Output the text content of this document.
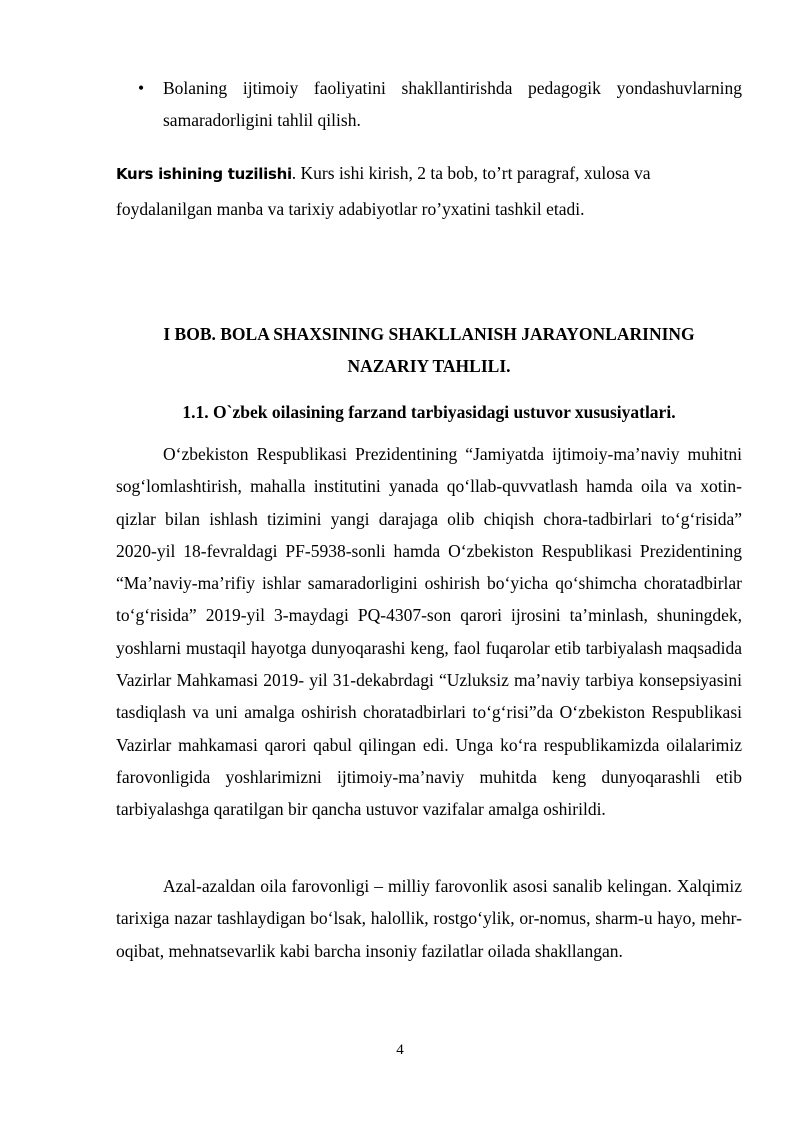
• Bolaning ijtimoiy faoliyatini shakllantirishda pedagogik yondashuvlarning samaradorligini tahlil qilish.
Kurs ishining tuzilishi. Kurs ishi kirish, 2 ta bob, to’rt paragraf, xulosa va foydalanilgan manba va tarixiy adabiyotlar ro’yxatini tashkil etadi.
I BOB. BOLA SHAXSINING SHAKLLANISH JARAYONLARINING
NAZARIY TAHLILI.
1.1. O`zbek oilasining farzand tarbiyasidagi ustuvor xususiyatlari.

O‘zbekiston Respublikasi Prezidentining “Jamiyatda ijtimoiy-ma’naviy muhitni sog‘lomlashtirish, mahalla institutini yanada qo‘llab-quvvatlash hamda oila va xotin-qizlar bilan ishlash tizimini yangi darajaga olib chiqish chora-tadbirlari to‘g‘risida” 2020-yil 18-fevraldagi PF-5938-sonli hamda O‘zbekiston Respublikasi Prezidentining “Ma’naviy-ma’rifiy ishlar samaradorligini oshirish bo‘yicha qo‘shimcha choratadbirlar to‘g‘risida” 2019-yil 3-maydagi PQ-4307-son qarori ijrosini ta’minlash, shuningdek, yoshlarni mustaqil hayotga dunyoqarashi keng, faol fuqarolar etib tarbiyalash maqsadida Vazirlar Mahkamasi 2019- yil 31-dekabrdagi “Uzluksiz ma’naviy tarbiya konsepsiyasini tasdiqlash va uni amalga oshirish choratadbirlari to‘g‘risi”da O‘zbekiston Respublikasi Vazirlar mahkamasi qarori qabul qilingan edi. Unga ko‘ra respublikamizda oilalarimiz farovonligida yoshlarimizni ijtimoiy-ma’naviy muhitda keng dunyoqarashli etib tarbiyalashga qaratilgan bir qancha ustuvor vazifalar amalga oshirildi.

Azal-azaldan oila farovonligi – milliy farovonlik asosi sanalib kelingan. Xalqimiz tarixiga nazar tashlaydigan bo‘lsak, halollik, rostgo‘ylik, or-nomus, sharm-u hayo, mehr-oqibat, mehnatsevarlik kabi barcha insoniy fazilatlar oilada shakllangan.

4
